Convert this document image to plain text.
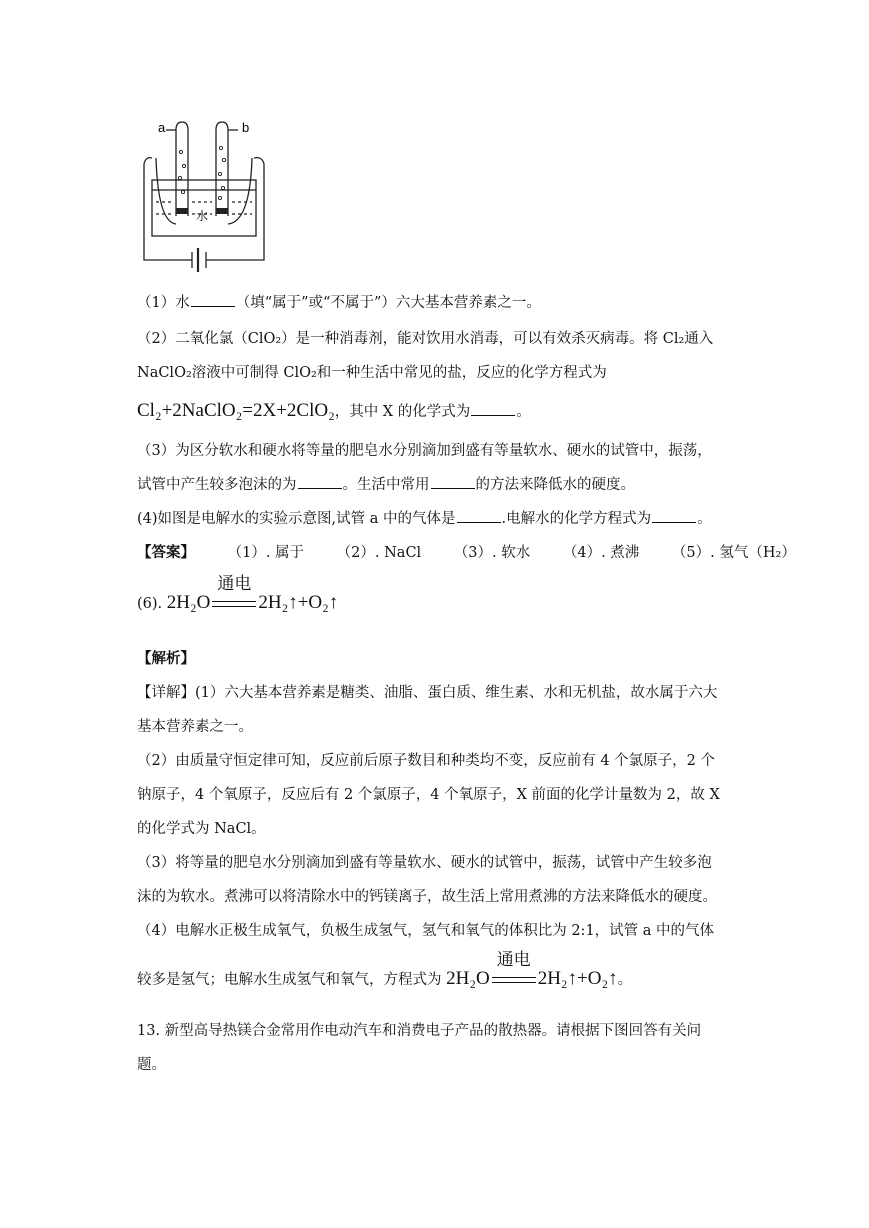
a	b
水
（1）水	（填“属于”或“不属于”）六大基本营养素之一。
（2）二氧化氯（ClO₂）是一种消毒剂，能对饮用水消毒，可以有效杀灭病毒。将 Cl₂通入
NaClO₂溶液中可制得 ClO₂和一种生活中常见的盐，反应的化学方程式为
Cl₂+2NaClO₂=2X+2ClO₂，其中 X 的化学式为	。
（3）为区分软水和硬水将等量的肥皂水分别滴加到盛有等量软水、硬水的试管中，振荡，
试管中产生较多泡沫的为	。生活中常用	的方法来降低水的硬度。
(4)如图是电解水的实验示意图,试管 a 中的气体是	.电解水的化学方程式为	。
【答案】 （1）. 属于 （2）. NaCl （3）. 软水 （4）. 煮沸 （5）. 氢气（H₂）
(6). 2H₂O
通电
2H₂↑+O₂↑
【解析】
【详解】(1）六大基本营养素是糖类、油脂、蛋白质、维生素、水和无机盐，故水属于六大
基本营养素之一。
（2）由质量守恒定律可知，反应前后原子数目和种类均不变，反应前有 4 个氯原子，2 个
钠原子，4 个氧原子，反应后有 2 个氯原子，4 个氧原子，X 前面的化学计量数为 2，故 X
的化学式为 NaCl。
（3）将等量的肥皂水分别滴加到盛有等量软水、硬水的试管中，振荡，试管中产生较多泡
沫的为软水。煮沸可以将清除水中的钙镁离子，故生活上常用煮沸的方法来降低水的硬度。
（4）电解水正极生成氧气，负极生成氢气，氢气和氧气的体积比为 2:1，试管 a 中的气体
较多是氢气；电解水生成氢气和氧气，方程式为 2H₂O
通电
2H₂↑+O₂↑。
13. 新型高导热镁合金常用作电动汽车和消费电子产品的散热器。请根据下图回答有关问
题。
